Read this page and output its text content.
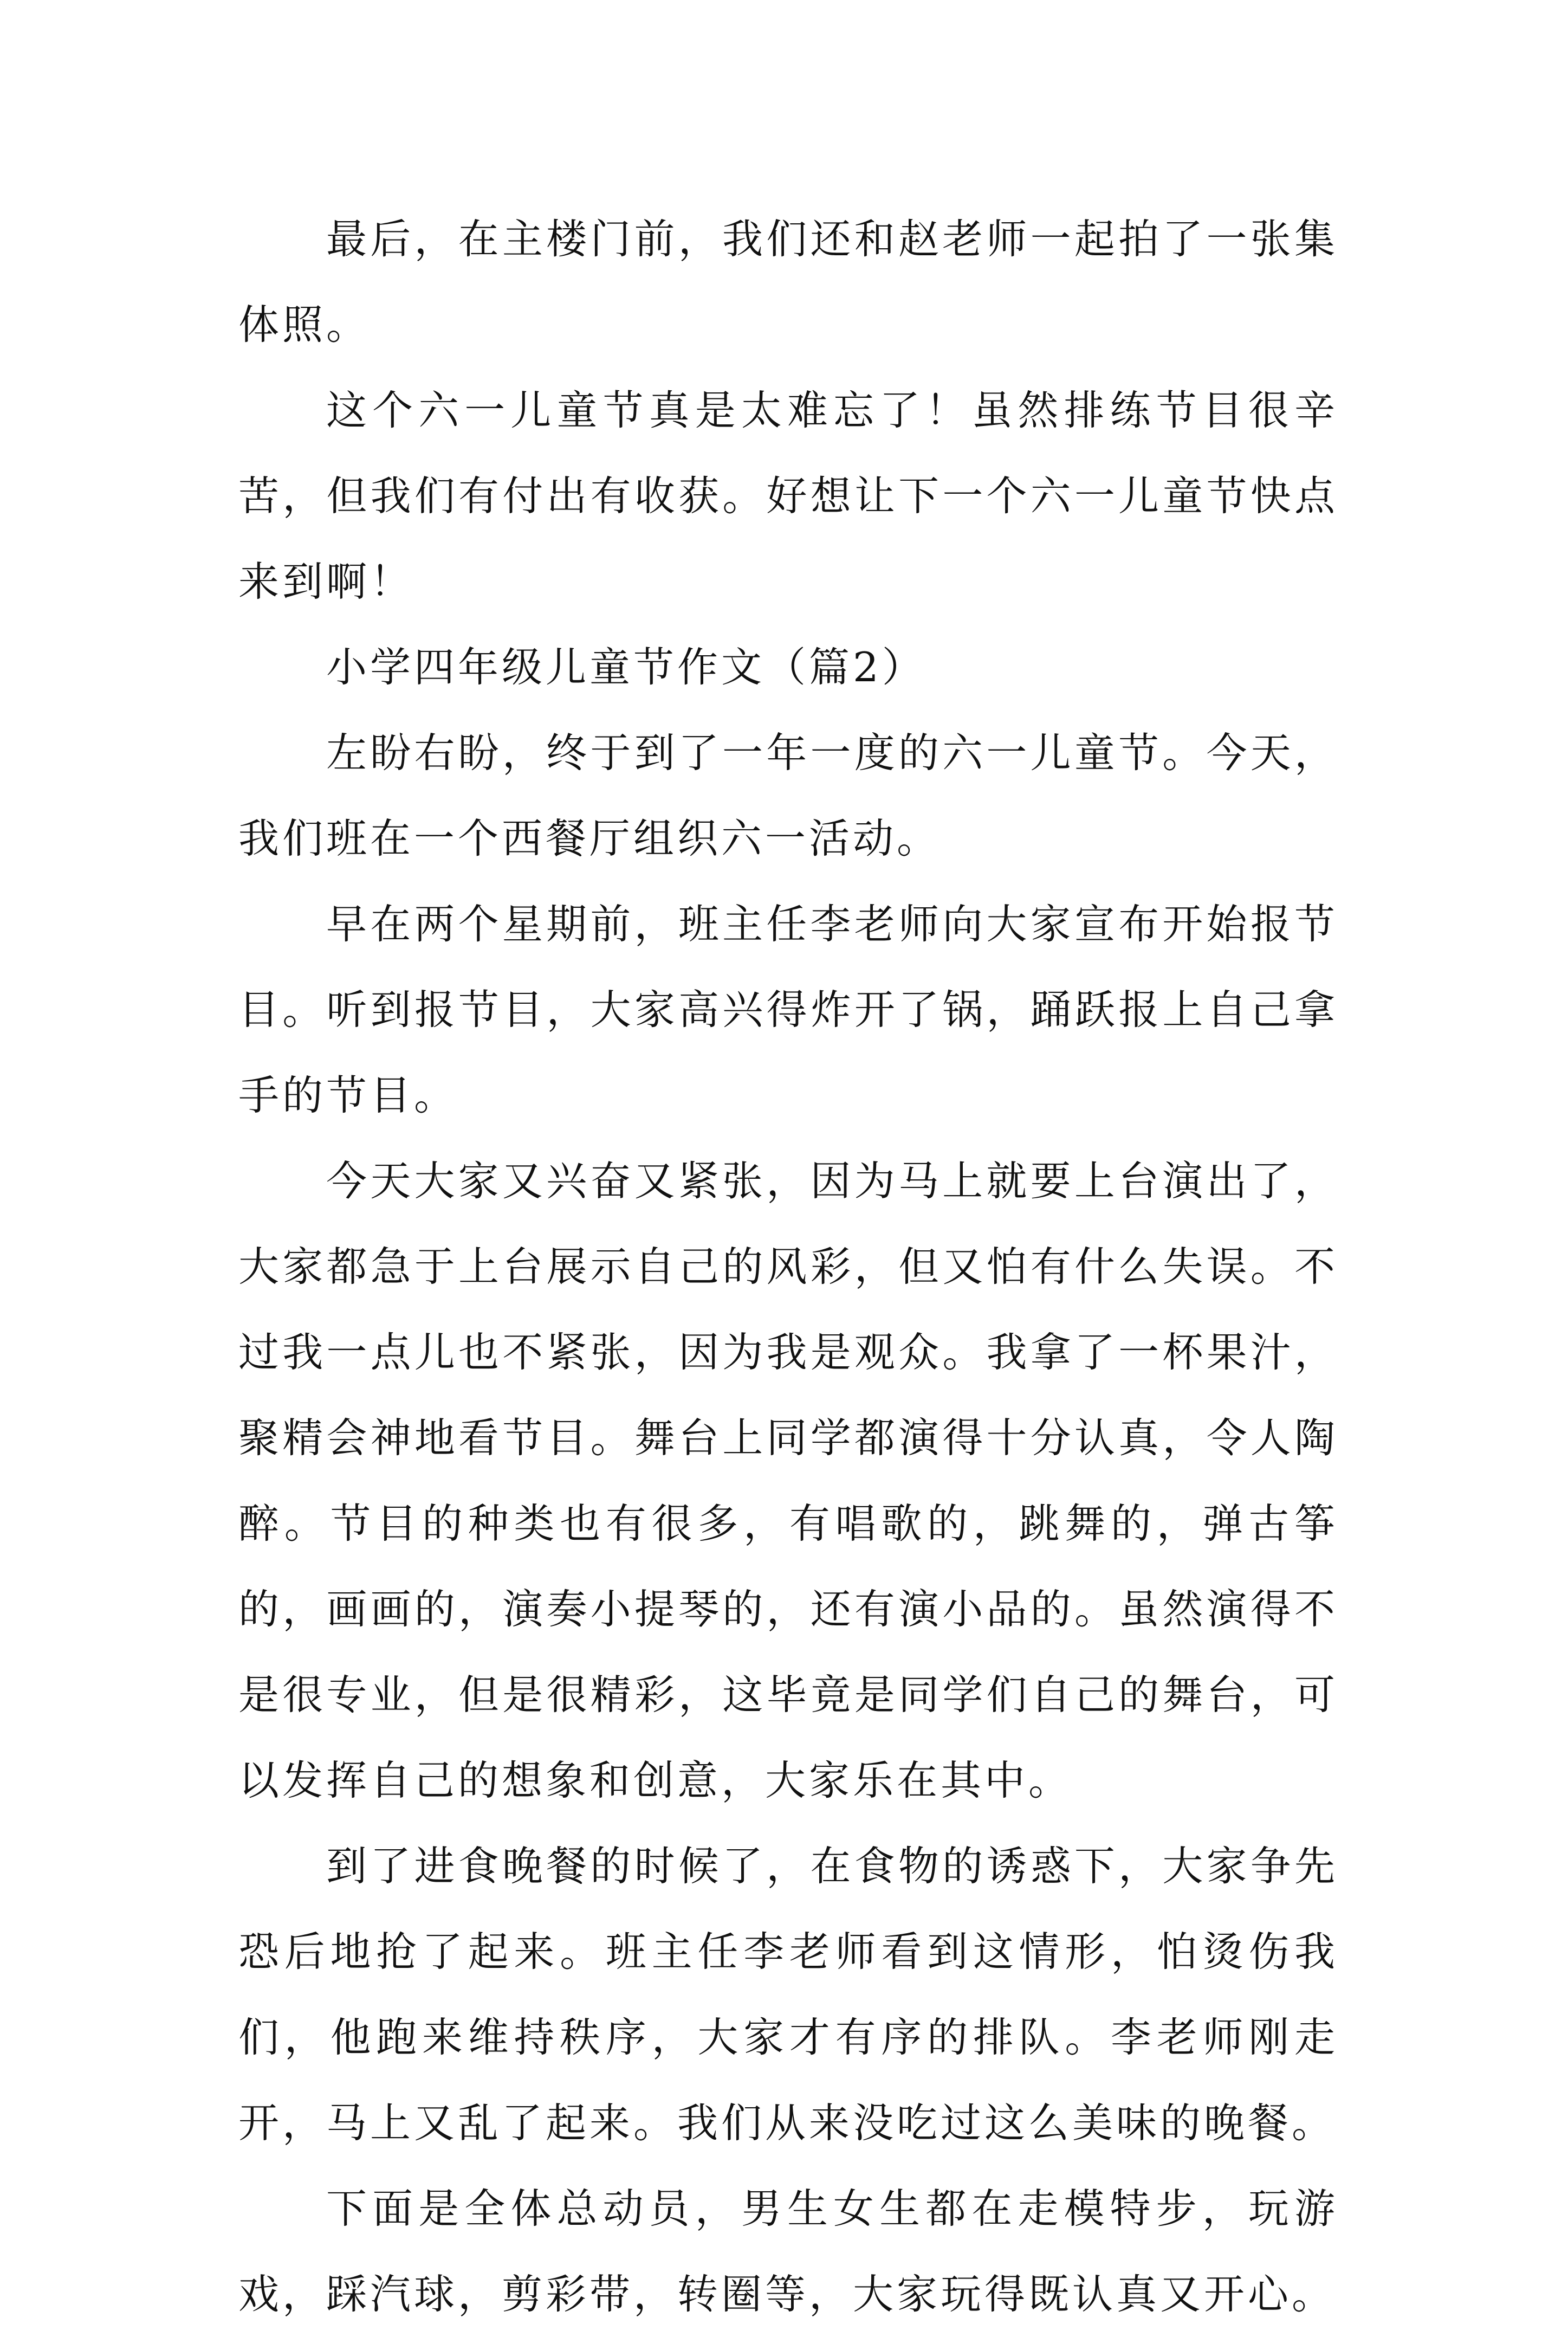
最后，在主楼门前，我们还和赵老师一起拍了一张集体照。

这个六一儿童节真是太难忘了！虽然排练节目很辛苦，但我们有付出有收获。好想让下一个六一儿童节快点来到啊！

小学四年级儿童节作文（篇2）

左盼右盼，终于到了一年一度的六一儿童节。今天，我们班在一个西餐厅组织六一活动。

早在两个星期前，班主任李老师向大家宣布开始报节目。听到报节目，大家高兴得炸开了锅，踊跃报上自己拿手的节目。

今天大家又兴奋又紧张，因为马上就要上台演出了，大家都急于上台展示自己的风彩，但又怕有什么失误。不过我一点儿也不紧张，因为我是观众。我拿了一杯果汁，聚精会神地看节目。舞台上同学都演得十分认真，令人陶醉。节目的种类也有很多，有唱歌的，跳舞的，弹古筝的，画画的，演奏小提琴的，还有演小品的。虽然演得不是很专业，但是很精彩，这毕竟是同学们自己的舞台，可以发挥自己的想象和创意，大家乐在其中。

到了进食晚餐的时候了，在食物的诱惑下，大家争先恐后地抢了起来。班主任李老师看到这情形，怕烫伤我们，他跑来维持秩序，大家才有序的排队。李老师刚走开，马上又乱了起来。我们从来没吃过这么美味的晚餐。

下面是全体总动员，男生女生都在走模特步，玩游戏，踩汽球，剪彩带，转圈等，大家玩得既认真又开心。
